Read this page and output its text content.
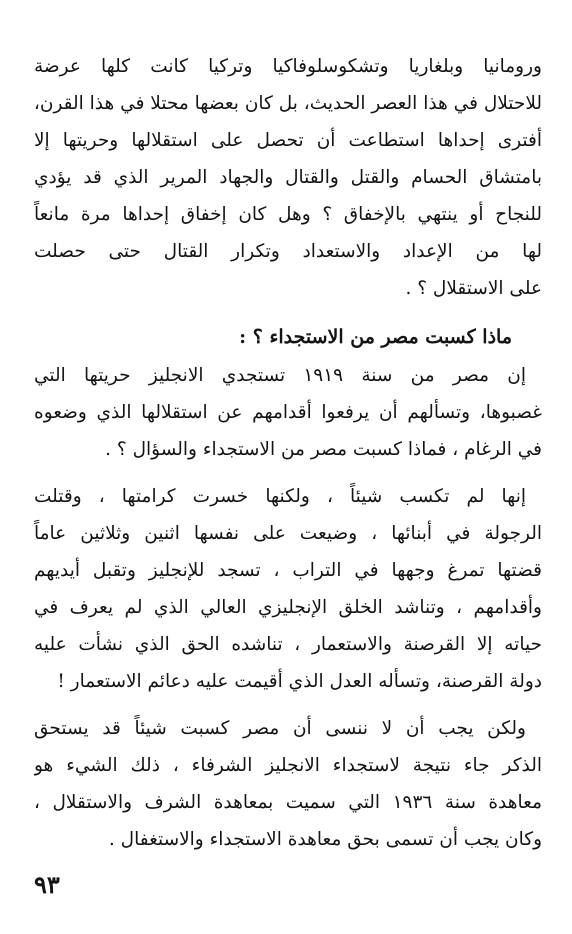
ورومانيا وبلغاريا وتشكوسلوفاكيا وتركيا كانت كلها عرضة
للاحتلال في هذا العصر الحديث، بل كان بعضها محتلا في هذا القرن،
أفترى إحداها استطاعت أن تحصل على استقلالها وحريتها إلا
بامتشاق الحسام والقتل والقتال والجهاد المرير الذي قد يؤدي
للنجاح أو ينتهي بالإخفاق ؟ وهل كان إخفاق إحداها مرة مانعاً
لها من الإعداد والاستعداد وتكرار القتال حتى حصلت
على الاستقلال ؟ .
ماذا كسبت مصر من الاستجداء ؟ :
إن مصر من سنة ١٩١٩ تستجدي الانجليز حريتها التي
غصبوها، وتسألهم أن يرفعوا أقدامهم عن استقلالها الذي وضعوه
في الرغام ، فماذا كسبت مصر من الاستجداء والسؤال ؟ .
إنها لم تكسب شيئاً ، ولكنها خسرت كرامتها ، وقتلت
الرجولة في أبنائها ، وضيعت على نفسها اثنين وثلاثين عاماً
قضتها تمرغ وجهها في التراب ، تسجد للإنجليز وتقبل أيديهم
وأقدامهم ، وتناشد الخلق الإنجليزي العالي الذي لم يعرف في
حياته إلا القرصنة والاستعمار ، تناشده الحق الذي نشأت عليه
دولة القرصنة، وتسأله العدل الذي أقيمت عليه دعائم الاستعمار !
ولكن يجب أن لا ننسى أن مصر كسبت شيئاً قد يستحق
الذكر جاء نتيجة لاستجداء الانجليز الشرفاء ، ذلك الشيء هو
معاهدة سنة ١٩٣٦ التي سميت بمعاهدة الشرف والاستقلال ،
وكان يجب أن تسمى بحق معاهدة الاستجداء والاستغفال .
٩٣
